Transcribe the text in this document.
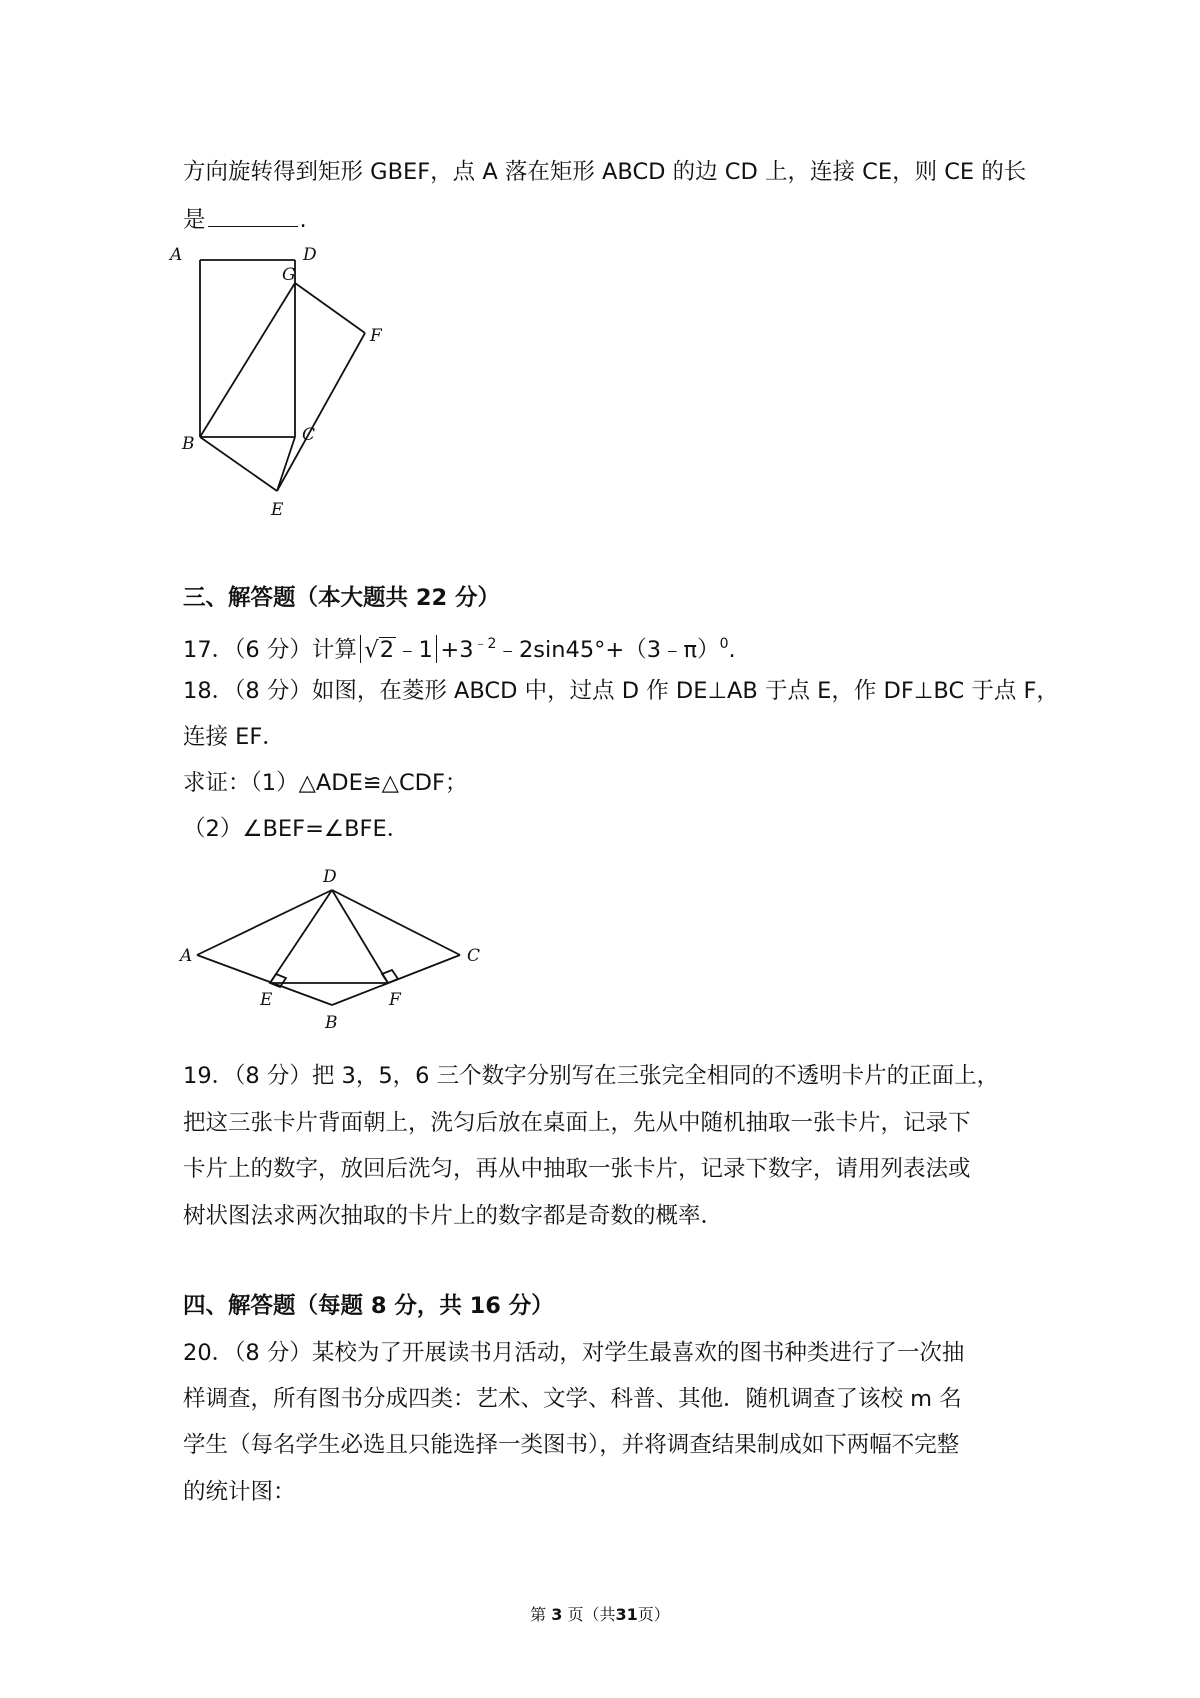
方向旋转得到矩形 GBEF，点 A 落在矩形 ABCD 的边 CD 上，连接 CE，则 CE 的长
是	.
A	D
G
F
B	C
E
三、解答题（本大题共 22 分）
17．（6 分）计算 √2﹣1 $+3^{﹣2}﹣2\sin 45^\circ+(3﹣\pi)^0$.
18．（8 分）如图，在菱形 ABCD 中，过点 D 作 DE⊥AB 于点 E，作 DF⊥BC 于点 F，
连接 EF．
求证：（1）△ADE≌△CDF；
（2）∠BEF=∠BFE．
D
A	C
E	F
B
19．（8 分）把 3，5，6 三个数字分别写在三张完全相同的不透明卡片的正面上，
把这三张卡片背面朝上，洗匀后放在桌面上，先从中随机抽取一张卡片，记录下
卡片上的数字，放回后洗匀，再从中抽取一张卡片，记录下数字，请用列表法或
树状图法求两次抽取的卡片上的数字都是奇数的概率．
四、解答题（每题 8 分，共 16 分）
20．（8 分）某校为了开展读书月活动，对学生最喜欢的图书种类进行了一次抽
样调查，所有图书分成四类：艺术、文学、科普、其他．随机调查了该校 m 名
学生（每名学生必选且只能选择一类图书），并将调查结果制成如下两幅不完整
的统计图：
第 3 页（共31页）
